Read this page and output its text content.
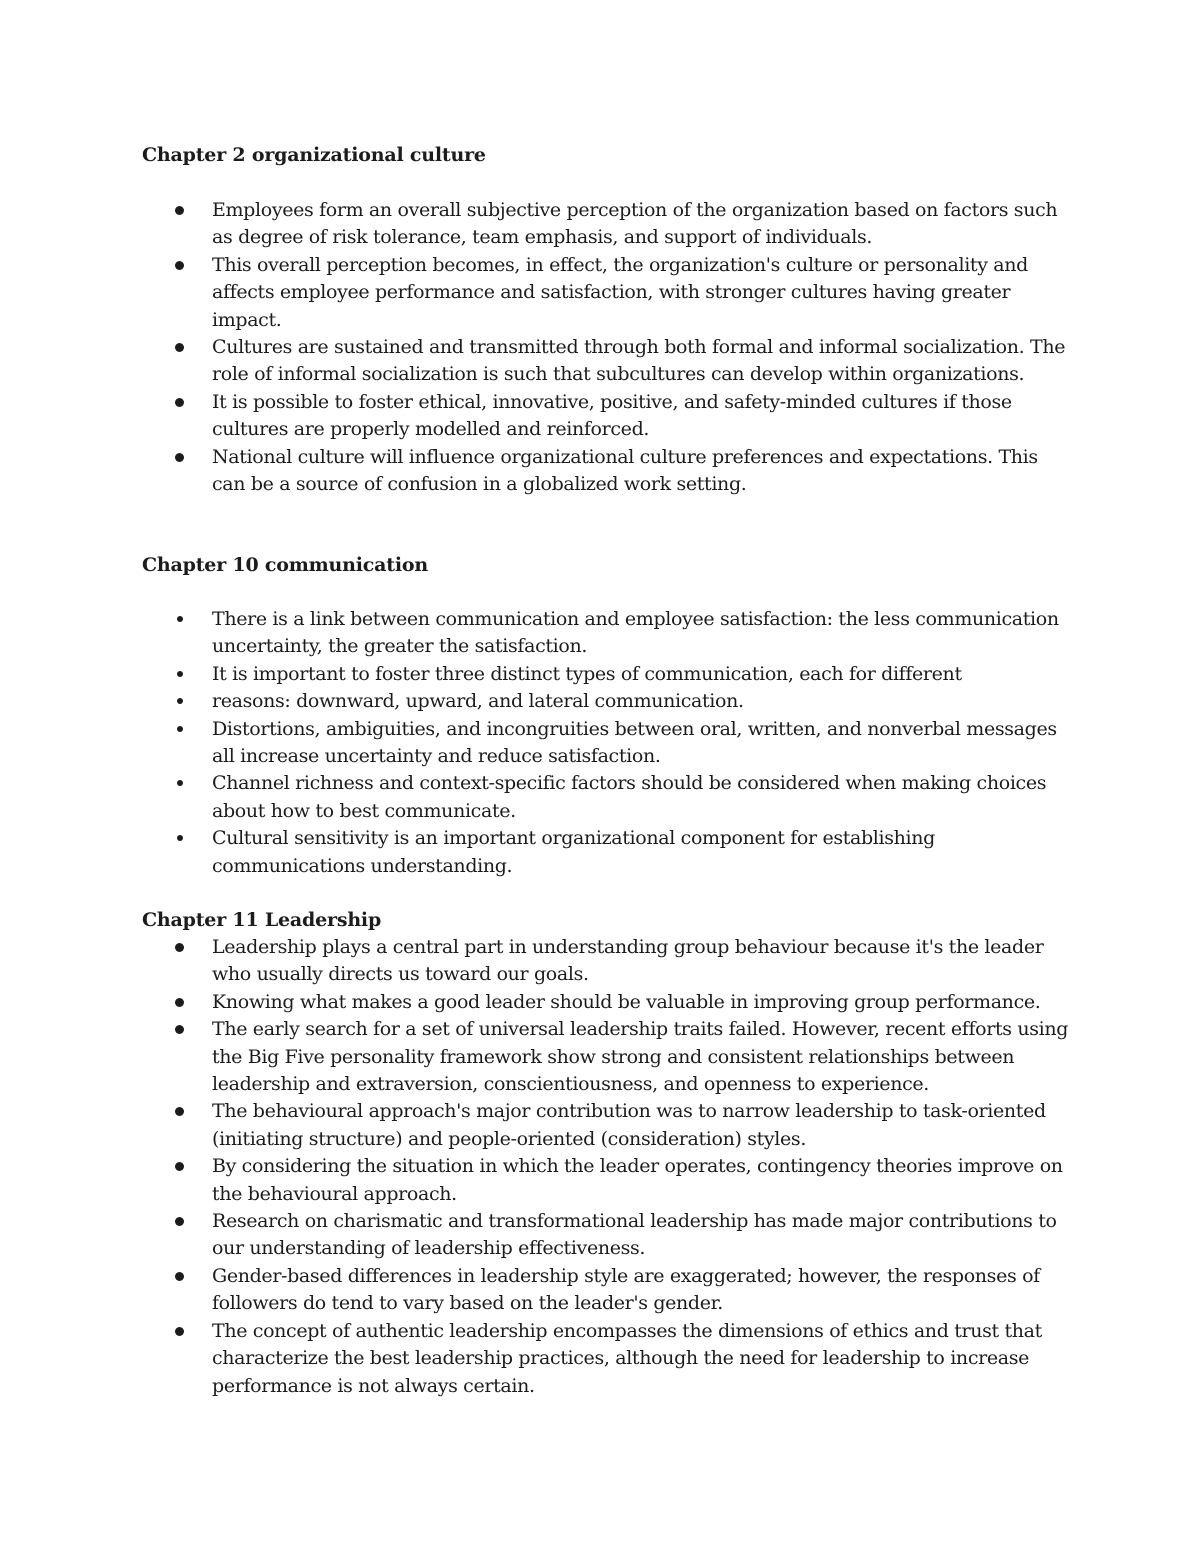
Chapter 2 organizational culture
Employees form an overall subjective perception of the organization based on factors such as degree of risk tolerance, team emphasis, and support of individuals.
This overall perception becomes, in effect, the organization's culture or personality and affects employee performance and satisfaction, with stronger cultures having greater impact.
Cultures are sustained and transmitted through both formal and informal socialization. The role of informal socialization is such that subcultures can develop within organizations.
It is possible to foster ethical, innovative, positive, and safety-minded cultures if those cultures are properly modelled and reinforced.
National culture will influence organizational culture preferences and expectations. This can be a source of confusion in a globalized work setting.
Chapter 10 communication
There is a link between communication and employee satisfaction: the less communication uncertainty, the greater the satisfaction.
It is important to foster three distinct types of communication, each for different
reasons: downward, upward, and lateral communication.
Distortions, ambiguities, and incongruities between oral, written, and nonverbal messages all increase uncertainty and reduce satisfaction.
Channel richness and context-specific factors should be considered when making choices about how to best communicate.
Cultural sensitivity is an important organizational component for establishing communications understanding.
Chapter 11 Leadership
Leadership plays a central part in understanding group behaviour because it's the leader who usually directs us toward our goals.
Knowing what makes a good leader should be valuable in improving group performance.
The early search for a set of universal leadership traits failed. However, recent efforts using the Big Five personality framework show strong and consistent relationships between leadership and extraversion, conscientiousness, and openness to experience.
The behavioural approach's major contribution was to narrow leadership to task-oriented (initiating structure) and people-oriented (consideration) styles.
By considering the situation in which the leader operates, contingency theories improve on the behavioural approach.
Research on charismatic and transformational leadership has made major contributions to our understanding of leadership effectiveness.
Gender-based differences in leadership style are exaggerated; however, the responses of followers do tend to vary based on the leader's gender.
The concept of authentic leadership encompasses the dimensions of ethics and trust that characterize the best leadership practices, although the need for leadership to increase performance is not always certain.
